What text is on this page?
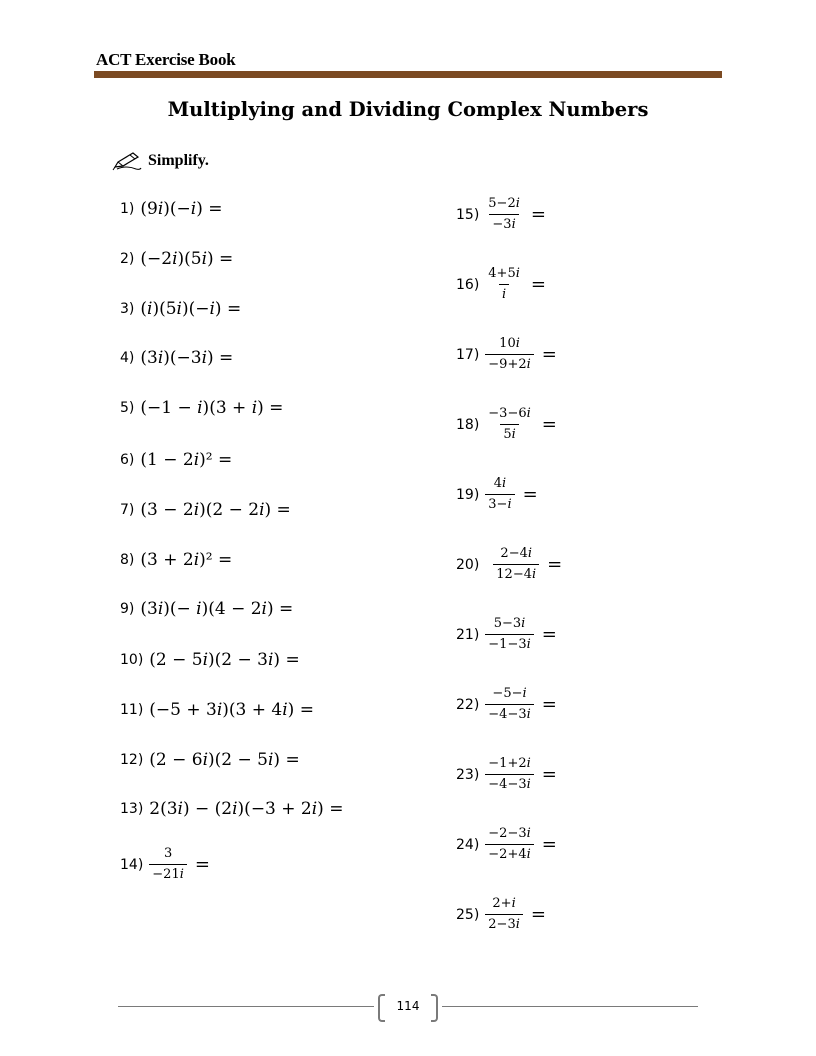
ACT Exercise Book
Multiplying and Dividing Complex Numbers
Simplify.
1) (9𝑖)(−𝑖) =
2) (−2𝑖)(5𝑖) =
3) (𝑖)(5𝑖)(−𝑖) =
4) (3𝑖)(−3𝑖) =
5) (−1 − 𝑖)(3 + 𝑖) =
6) (1 − 2𝑖)² =
7) (3 − 2𝑖)(2 − 2𝑖) =
8) (3 + 2𝑖)² =
9) (3𝑖)(− 𝑖)(4 − 2𝑖) =
10) (2 − 5𝑖)(2 − 3𝑖) =
11) (−5 + 3𝑖)(3 + 4𝑖) =
12) (2 − 6𝑖)(2 − 5𝑖) =
13) 2(3𝑖) − (2𝑖)(−3 + 2𝑖) =
$14) \frac{3}{\text{−21𝑖}}$ =
$15) \frac{\text{5−2𝑖}}{\text{−3𝑖}}$ =
$16) \frac{\text{4+5𝑖}}{\text{𝑖}}$ =
$17) \frac{\text{10𝑖}}{\text{−9+2𝑖}}$ =
$18) \frac{\text{−3−6𝑖}}{\text{5𝑖}}$ =
$19) \frac{\text{4𝑖}}{\text{3−𝑖}}$ =
$20) \frac{\text{2−4𝑖}}{\text{12−4𝑖}}$ =
$21) \frac{\text{5−3𝑖}}{\text{−1−3𝑖}}$ =
$22) \frac{\text{−5−𝑖}}{\text{−4−3𝑖}}$ =
$23) \frac{\text{−1+2𝑖}}{\text{−4−3𝑖}}$ =
$24) \frac{\text{−2−3𝑖}}{\text{−2+4𝑖}}$ =
$25) \frac{\text{2+𝑖}}{\text{2−3𝑖}}$ =
114
